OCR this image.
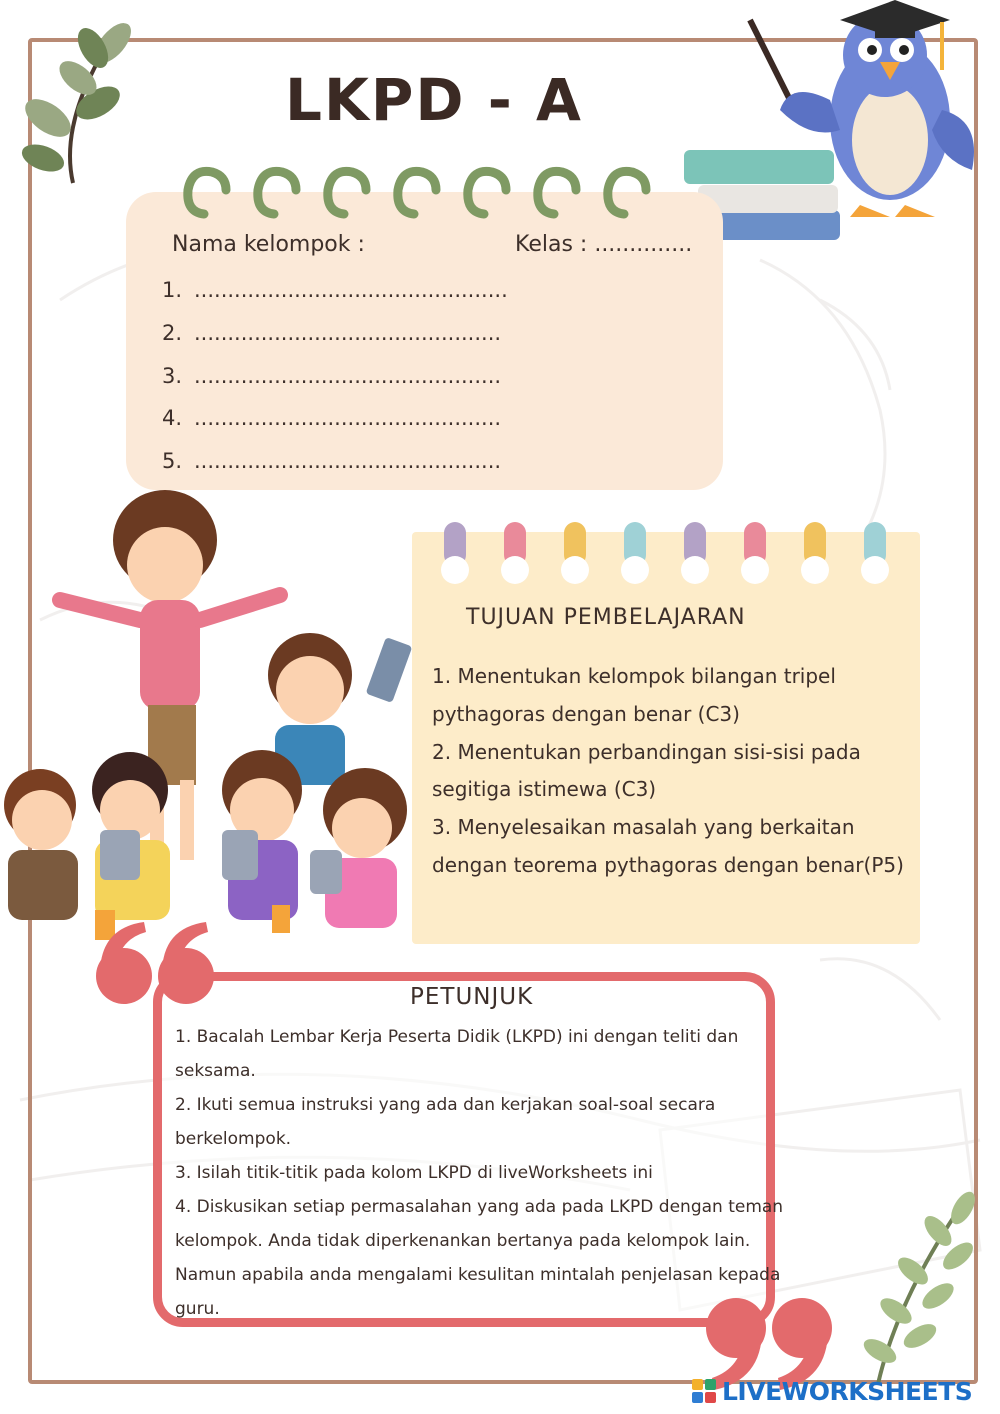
LKPD - A
Nama kelompok :	Kelas : ..............
1. ...............................................
2. ..............................................
3. ..............................................
4. ..............................................
5. ..............................................
TUJUAN PEMBELAJARAN
1. Menentukan kelompok bilangan tripel pythagoras dengan benar (C3)
2. Menentukan perbandingan sisi-sisi pada segitiga istimewa (C3)
3. Menyelesaikan masalah yang berkaitan dengan teorema pythagoras dengan benar(P5)
PETUNJUK
1. Bacalah Lembar Kerja Peserta Didik (LKPD) ini dengan teliti dan seksama.
2. Ikuti semua instruksi yang ada dan kerjakan soal-soal secara berkelompok.
3. Isilah titik-titik pada kolom LKPD di liveWorksheets ini
4. Diskusikan setiap permasalahan yang ada pada LKPD dengan teman kelompok. Anda tidak diperkenankan bertanya pada kelompok lain. Namun apabila anda mengalami kesulitan mintalah penjelasan kepada guru.
LIVEWORKSHEETS
